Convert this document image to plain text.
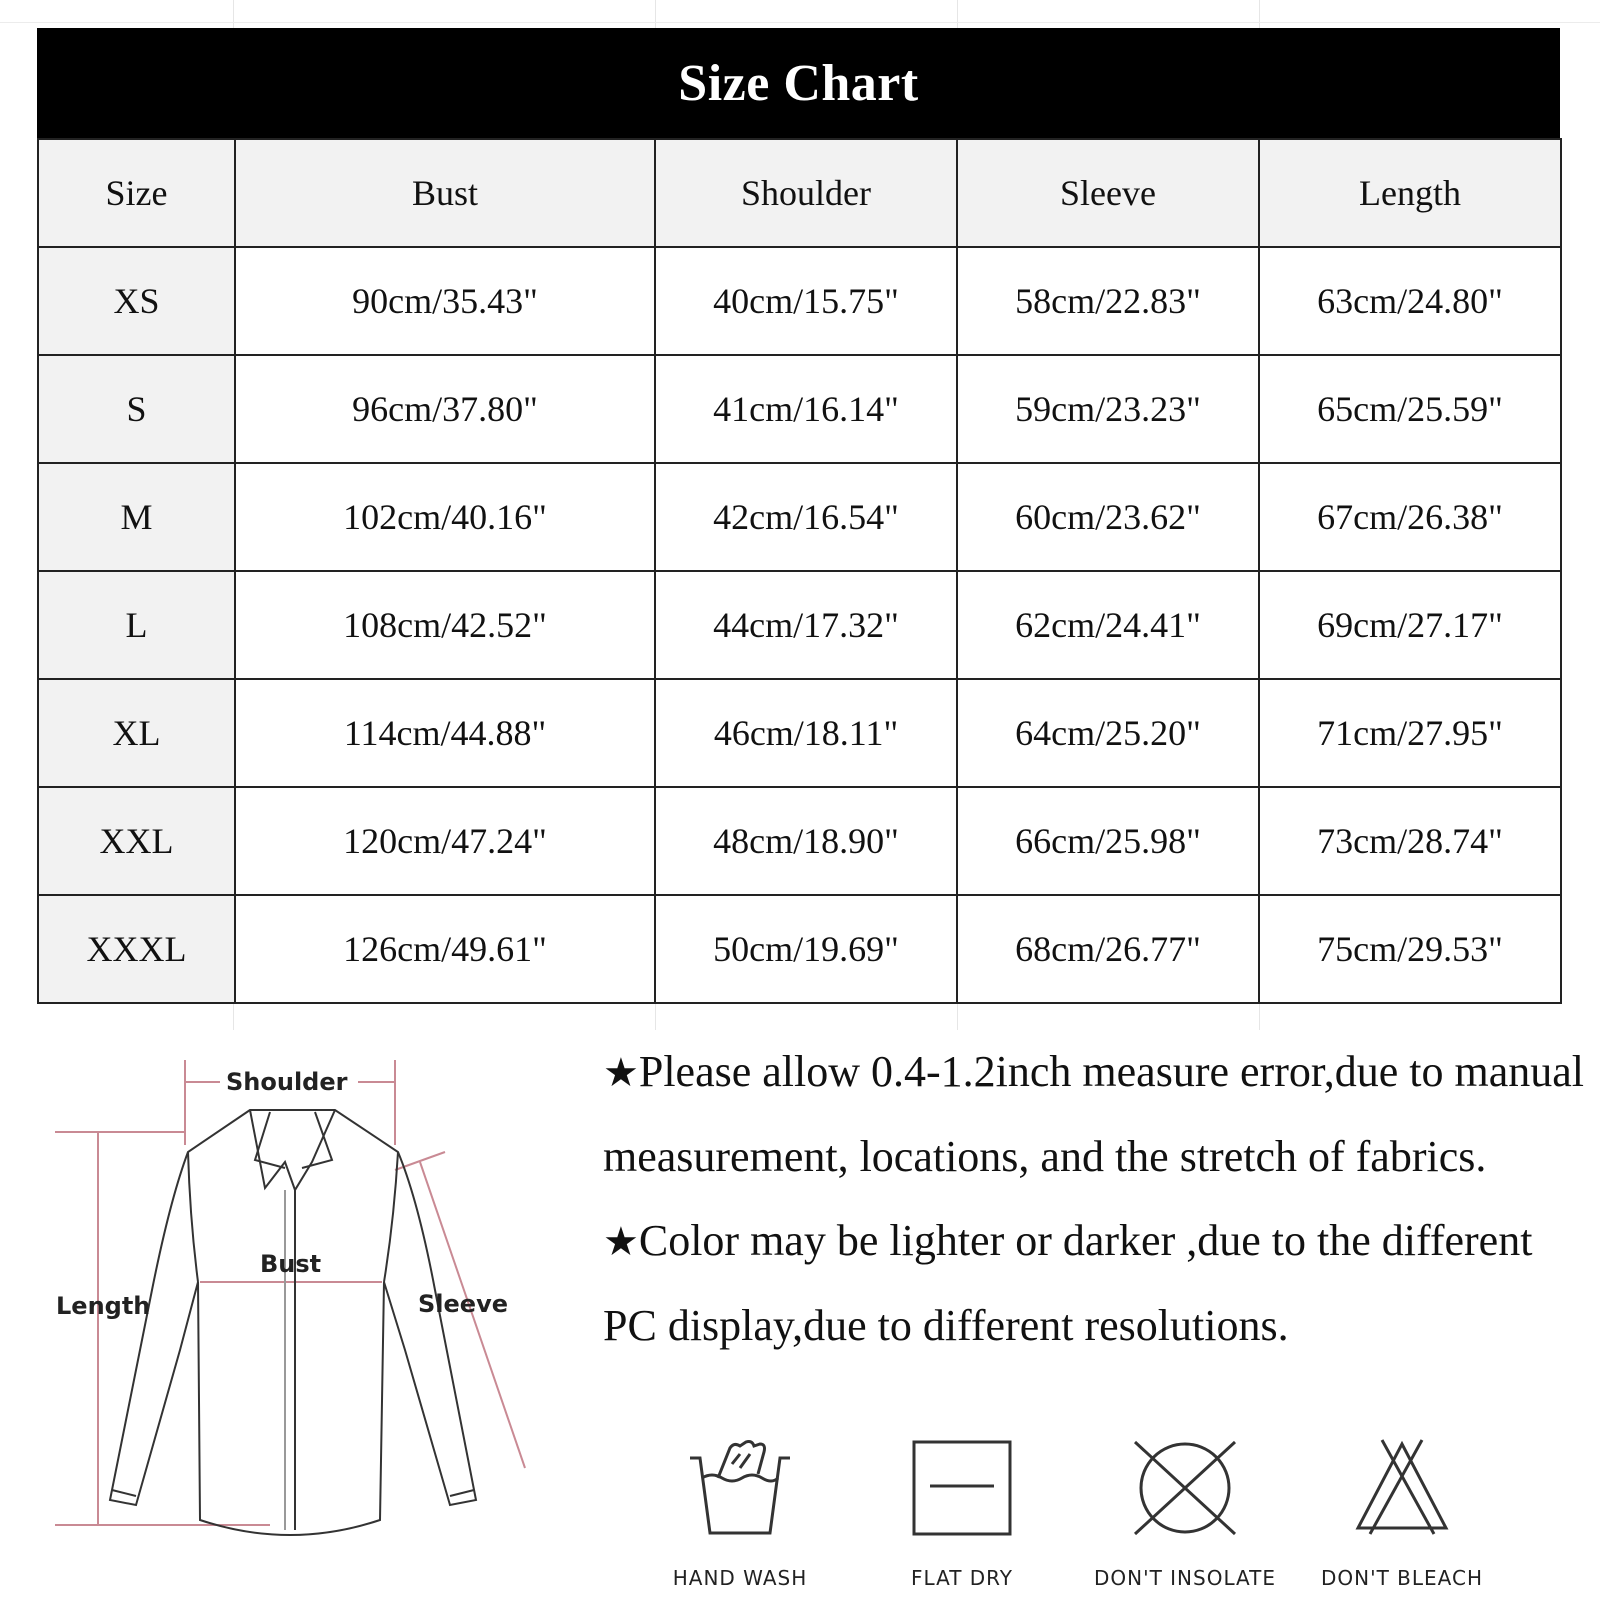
Size Chart
Size	Bust	Shoulder	Sleeve	Length
XS	90cm/35.43"	40cm/15.75"	58cm/22.83"	63cm/24.80"
S	96cm/37.80"	41cm/16.14"	59cm/23.23"	65cm/25.59"
M	102cm/40.16"	42cm/16.54"	60cm/23.62"	67cm/26.38"
L	108cm/42.52"	44cm/17.32"	62cm/24.41"	69cm/27.17"
XL	114cm/44.88"	46cm/18.11"	64cm/25.20"	71cm/27.95"
XXL	120cm/47.24"	48cm/18.90"	66cm/25.98"	73cm/28.74"
XXXL	126cm/49.61"	50cm/19.69"	68cm/26.77"	75cm/29.53"
Shoulder
Bust
Length	Sleeve

★Please allow 0.4-1.2inch measure error,due to manual measurement, locations, and the stretch of fabrics.

★Color may be lighter or darker ,due to the different PC display,due to different resolutions.

HAND WASH	FLAT DRY	DON'T INSOLATE	DON'T BLEACH
